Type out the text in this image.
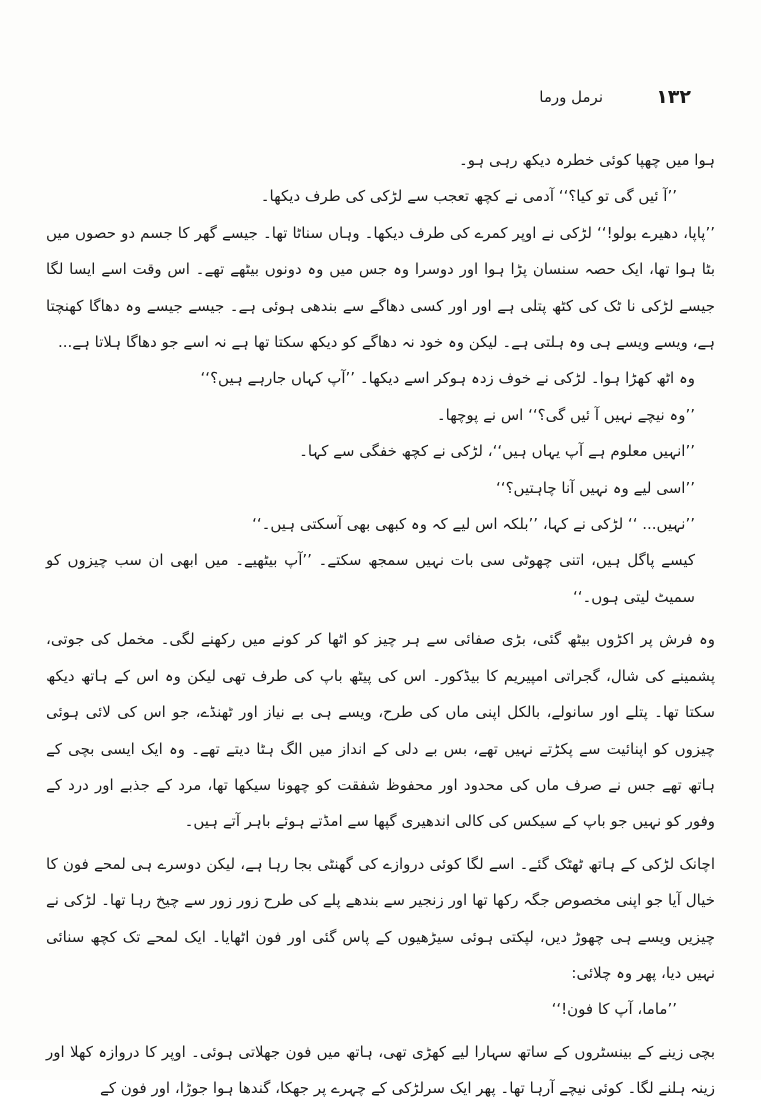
۱۳۲
نرمل ورما

ہوا میں چھپا کوئی خطرہ دیکھ رہی ہو۔

’’آ ئیں گی تو کیا؟‘‘ آدمی نے کچھ تعجب سے لڑکی کی طرف دیکھا۔

’’پاپا، دھیرے بولو!‘‘ لڑکی نے اوپر کمرے کی طرف دیکھا۔ وہاں سناٹا تھا۔ جیسے گھر کا جسم دو حصوں میں بٹا ہوا تھا، ایک حصہ سنسان پڑا ہوا اور دوسرا وہ جس میں وہ دونوں بیٹھے تھے۔ اس وقت اسے ایسا لگا جیسے لڑکی نا ٹک کی کٹھ پتلی ہے اور اور کسی دھاگے سے بندھی ہوئی ہے۔ جیسے جیسے وہ دھاگا کھنچتا ہے، ویسے ویسے ہی وہ ہلتی ہے۔ لیکن وہ خود نہ دھاگے کو دیکھ سکتا تھا ہے نہ اسے جو دھاگا ہلاتا ہے...

وہ اٹھ کھڑا ہوا۔ لڑکی نے خوف زدہ ہوکر اسے دیکھا۔ ’’آپ کہاں جارہے ہیں؟‘‘

’’وہ نیچے نہیں آ ئیں گی؟‘‘ اس نے پوچھا۔

’’انہیں معلوم ہے آپ یہاں ہیں‘‘، لڑکی نے کچھ خفگی سے کہا۔

’’اسی لیے وہ نہیں آنا چاہتیں؟‘‘

’’نہیں... ‘‘ لڑکی نے کہا، ’’بلکہ اس لیے کہ وہ کبھی بھی آسکتی ہیں۔‘‘

کیسے پاگل ہیں، اتنی چھوٹی سی بات نہیں سمجھ سکتے۔ ’’آپ بیٹھیے۔ میں ابھی ان سب چیزوں کو سمیٹ لیتی ہوں۔‘‘

وہ فرش پر اکڑوں بیٹھ گئی، بڑی صفائی سے ہر چیز کو اٹھا کر کونے میں رکھنے لگی۔ مخمل کی جوتی، پشمینے کی شال، گجراتی امپیریم کا بیڈکور۔ اس کی پیٹھ باپ کی طرف تھی لیکن وہ اس کے ہاتھ دیکھ سکتا تھا۔ پتلے اور سانولے، بالکل اپنی ماں کی طرح، ویسے ہی بے نیاز اور ٹھنڈے، جو اس کی لائی ہوئی چیزوں کو اپنائیت سے پکڑتے نہیں تھے، بس بے دلی کے انداز میں الگ ہٹا دیتے تھے۔ وہ ایک ایسی بچی کے ہاتھ تھے جس نے صرف ماں کی محدود اور محفوظ شفقت کو چھونا سیکھا تھا، مرد کے جذبے اور درد کے وفور کو نہیں جو باپ کے سیکس کی کالی اندھیری گپھا سے امڈتے ہوئے باہر آتے ہیں۔

اچانک لڑکی کے ہاتھ ٹھٹک گئے۔ اسے لگا کوئی دروازے کی گھنٹی بجا رہا ہے، لیکن دوسرے ہی لمحے فون کا خیال آیا جو اپنی مخصوص جگہ رکھا تھا اور زنجیر سے بندھے پلے کی طرح زور زور سے چیخ رہا تھا۔ لڑکی نے چیزیں ویسے ہی چھوڑ دیں، لپکتی ہوئی سیڑھیوں کے پاس گئی اور فون اٹھایا۔ ایک لمحے تک کچھ سنائی نہیں دیا، پھر وہ چلائی:

’’ماما، آپ کا فون!‘‘

بچی زینے کے بینسٹروں کے ساتھ سہارا لیے کھڑی تھی، ہاتھ میں فون جھلاتی ہوئی۔ اوپر کا دروازہ کھلا اور زینہ ہلنے لگا۔ کوئی نیچے آرہا تھا۔ پھر ایک سرلڑکی کے چہرے پر جھکا، گندھا ہوا جوڑا، اور فون کے
